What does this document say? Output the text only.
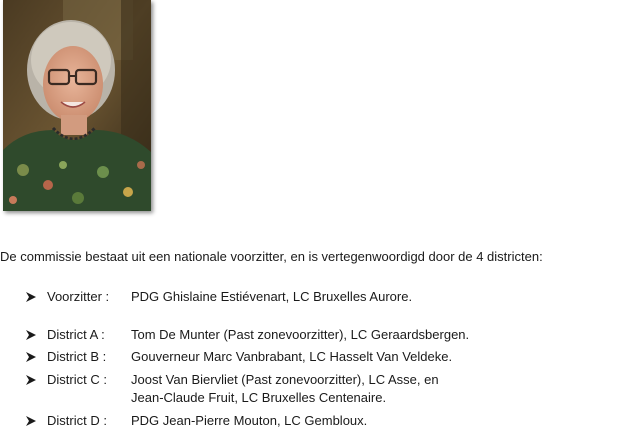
De commissie bestaat uit een nationale voorzitter, en is vertegenwoordigd door de 4 districten:
Voorzitter : PDG Ghislaine Estiévenart, LC Bruxelles Aurore.
District A : Tom De Munter (Past zonevoorzitter), LC Geraardsbergen.
District B : Gouverneur Marc Vanbrabant, LC Hasselt Van Veldeke.
District C : Joost Van Biervliet (Past zonevoorzitter), LC Asse, en
Jean-Claude Fruit, LC Bruxelles Centenaire.
District D : PDG Jean-Pierre Mouton, LC Gembloux.
